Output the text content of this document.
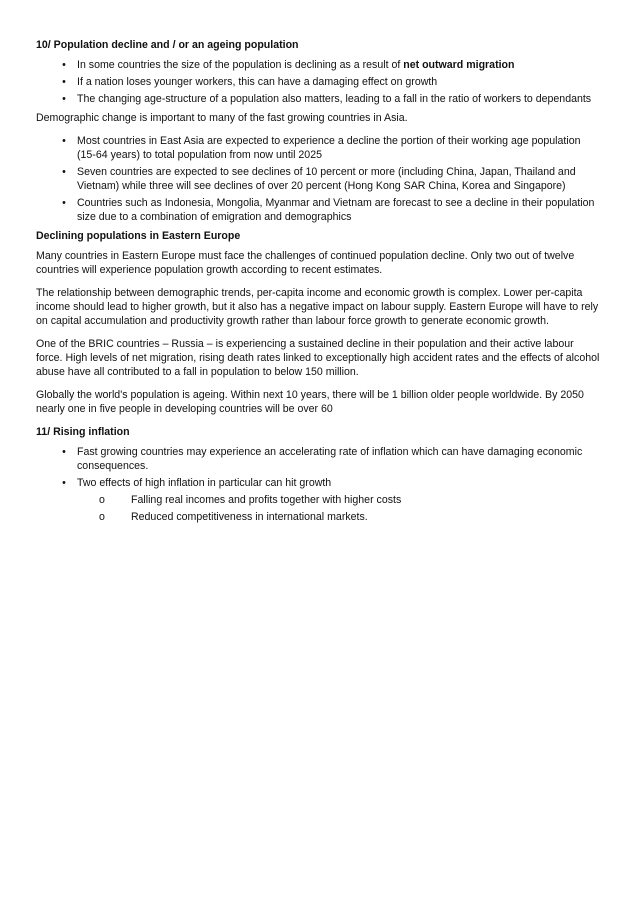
10/ Population decline and / or an ageing population

• In some countries the size of the population is declining as a result of net outward migration
• If a nation loses younger workers, this can have a damaging effect on growth
• The changing age-structure of a population also matters, leading to a fall in the ratio of workers to dependants

Demographic change is important to many of the fast growing countries in Asia.

• Most countries in East Asia are expected to experience a decline the portion of their working age population (15-64 years) to total population from now until 2025
• Seven countries are expected to see declines of 10 percent or more (including China, Japan, Thailand and Vietnam) while three will see declines of over 20 percent (Hong Kong SAR China, Korea and Singapore)
• Countries such as Indonesia, Mongolia, Myanmar and Vietnam are forecast to see a decline in their population size due to a combination of emigration and demographics

Declining populations in Eastern Europe

Many countries in Eastern Europe must face the challenges of continued population decline. Only two out of twelve countries will experience population growth according to recent estimates.

The relationship between demographic trends, per-capita income and economic growth is complex. Lower per-capita income should lead to higher growth, but it also has a negative impact on labour supply. Eastern Europe will have to rely on capital accumulation and productivity growth rather than labour force growth to generate economic growth.

One of the BRIC countries – Russia – is experiencing a sustained decline in their population and their active labour force. High levels of net migration, rising death rates linked to exceptionally high accident rates and the effects of alcohol abuse have all contributed to a fall in population to below 150 million.

Globally the world's population is ageing. Within next 10 years, there will be 1 billion older people worldwide. By 2050 nearly one in five people in developing countries will be over 60

11/ Rising inflation

• Fast growing countries may experience an accelerating rate of inflation which can have damaging economic consequences.
• Two effects of high inflation in particular can hit growth
o Falling real incomes and profits together with higher costs
o Reduced competitiveness in international markets.
